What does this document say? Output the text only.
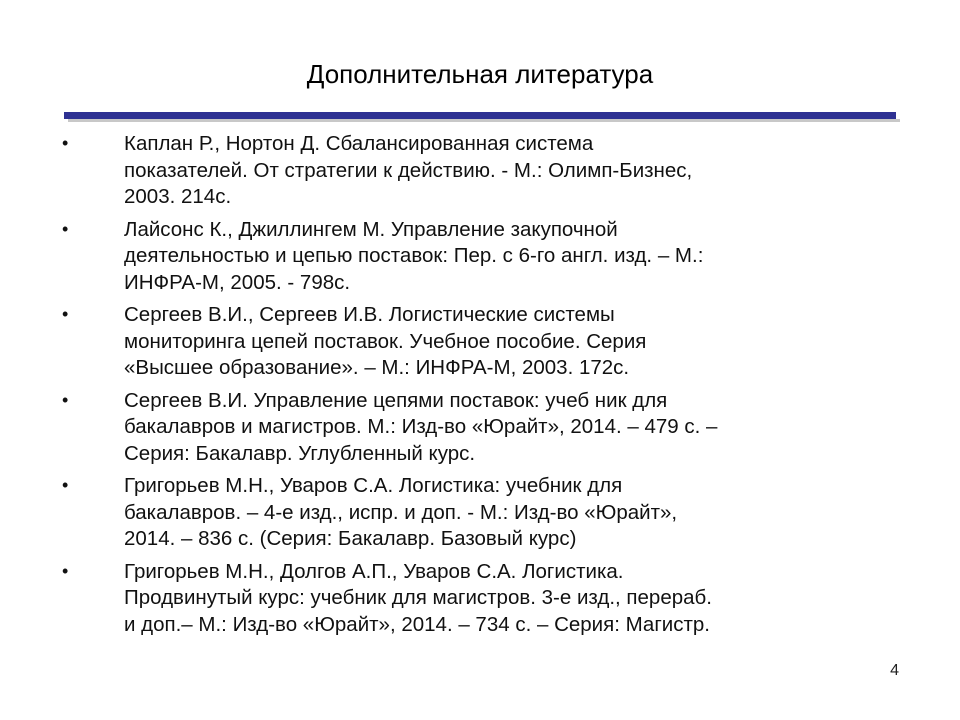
Дополнительная литература
•	Каплан Р., Нортон Д. Сбалансированная система
показателей. От стратегии к действию. - М.: Олимп-Бизнес,
2003. 214с.
•	Лайсонс К., Джиллингем М. Управление закупочной
деятельностью и цепью поставок: Пер. с 6-го англ. изд. – М.:
ИНФРА-М, 2005. - 798с.
•	Сергеев В.И., Сергеев И.В. Логистические системы
мониторинга цепей поставок. Учебное пособие. Серия
«Высшее образование». – М.: ИНФРА-М, 2003. 172с.
•	Сергеев В.И. Управление цепями поставок: учеб ник для
бакалавров и магистров. М.: Изд-во «Юрайт», 2014. – 479 с. –
Серия: Бакалавр. Углубленный курс.
•	Григорьев М.Н., Уваров С.А. Логистика: учебник для
бакалавров. – 4-е изд., испр. и доп. - М.: Изд-во «Юрайт»,
2014. – 836 с. (Серия: Бакалавр. Базовый курс)
•	Григорьев М.Н., Долгов А.П., Уваров С.А. Логистика.
Продвинутый курс: учебник для магистров. 3-е изд., перераб.
и доп.– М.: Изд-во «Юрайт», 2014. – 734 с. – Серия: Магистр.
4
